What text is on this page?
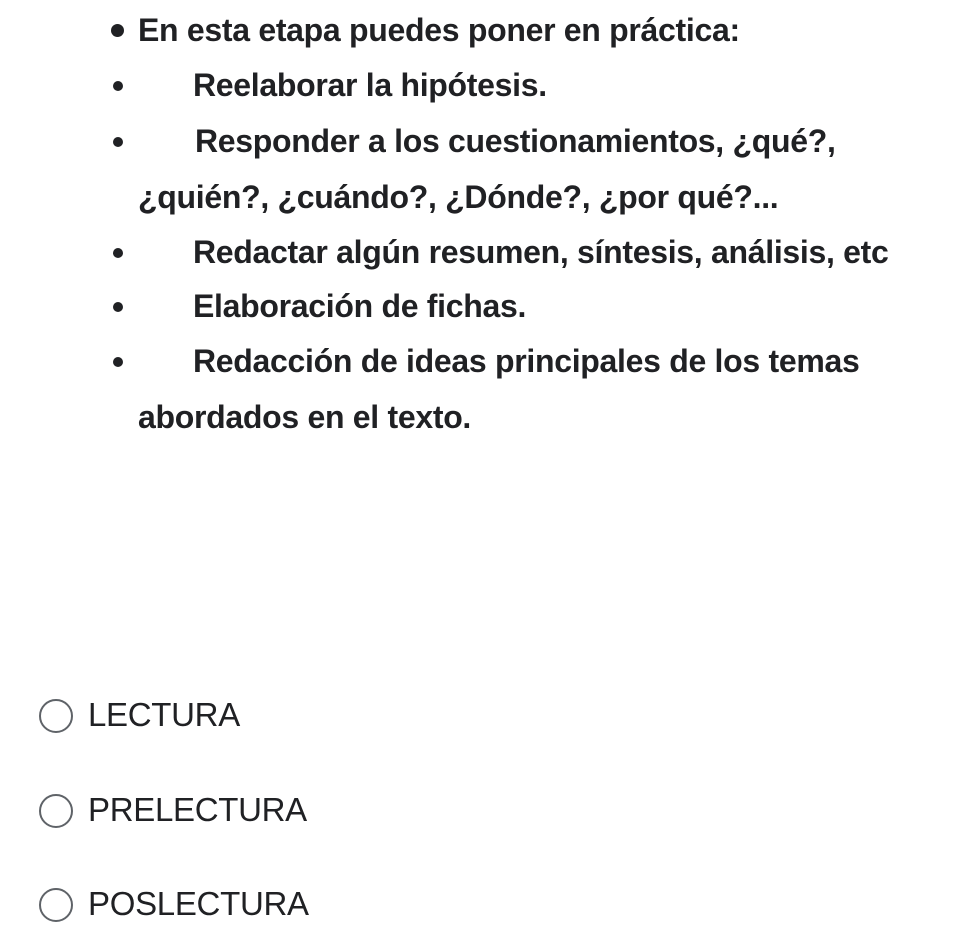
En esta etapa puedes poner en práctica:
Reelaborar la hipótesis.
Responder a los cuestionamientos, ¿qué?,
¿quién?, ¿cuándo?, ¿Dónde?, ¿por qué?...
Redactar algún resumen, síntesis, análisis, etc
Elaboración de fichas.
Redacción de ideas principales de los temas
abordados en el texto.
LECTURA
PRELECTURA
POSLECTURA
